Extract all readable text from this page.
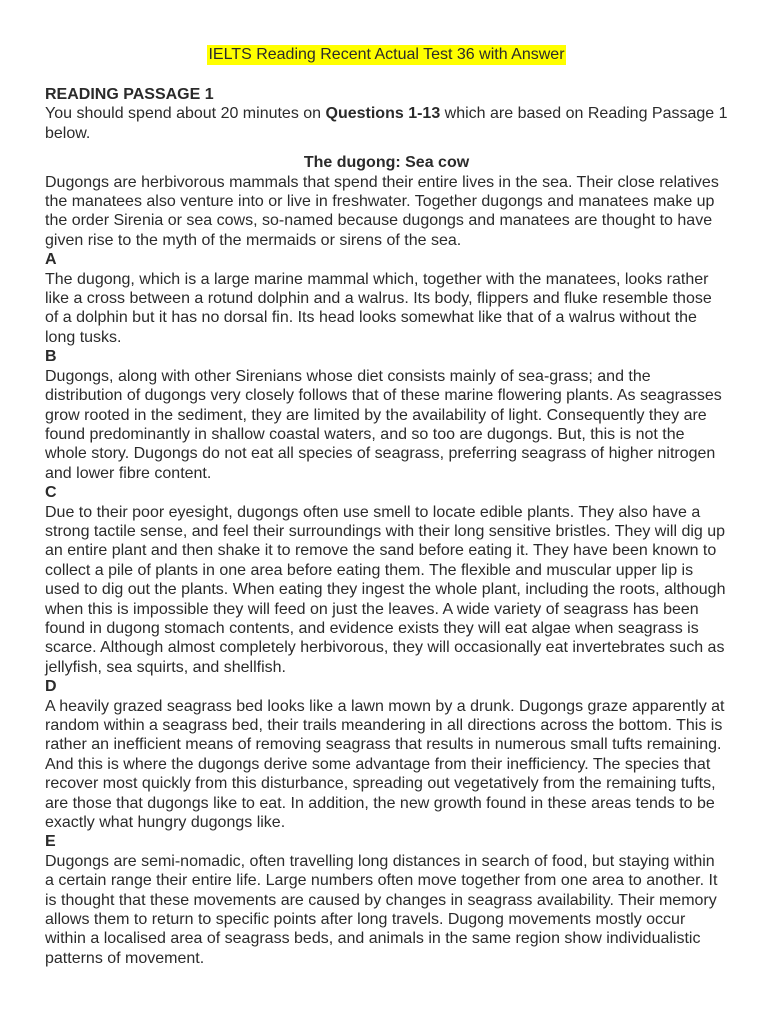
IELTS Reading Recent Actual Test 36 with Answer

READING PASSAGE 1

You should spend about 20 minutes on Questions 1-13 which are based on Reading Passage 1 below.

The dugong: Sea cow

Dugongs are herbivorous mammals that spend their entire lives in the sea. Their close relatives the manatees also venture into or live in freshwater. Together dugongs and manatees make up the order Sirenia or sea cows, so-named because dugongs and manatees are thought to have given rise to the myth of the mermaids or sirens of the sea.

A

The dugong, which is a large marine mammal which, together with the manatees, looks rather like a cross between a rotund dolphin and a walrus. Its body, flippers and fluke resemble those of a dolphin but it has no dorsal fin. Its head looks somewhat like that of a walrus without the long tusks.

B

Dugongs, along with other Sirenians whose diet consists mainly of sea-grass; and the distribution of dugongs very closely follows that of these marine flowering plants. As seagrasses grow rooted in the sediment, they are limited by the availability of light. Consequently they are found predominantly in shallow coastal waters, and so too are dugongs. But, this is not the whole story. Dugongs do not eat all species of seagrass, preferring seagrass of higher nitrogen and lower fibre content.

C

Due to their poor eyesight, dugongs often use smell to locate edible plants. They also have a strong tactile sense, and feel their surroundings with their long sensitive bristles. They will dig up an entire plant and then shake it to remove the sand before eating it. They have been known to collect a pile of plants in one area before eating them. The flexible and muscular upper lip is used to dig out the plants. When eating they ingest the whole plant, including the roots, although when this is impossible they will feed on just the leaves. A wide variety of seagrass has been found in dugong stomach contents, and evidence exists they will eat algae when seagrass is scarce. Although almost completely herbivorous, they will occasionally eat invertebrates such as jellyfish, sea squirts, and shellfish.

D

A heavily grazed seagrass bed looks like a lawn mown by a drunk. Dugongs graze apparently at random within a seagrass bed, their trails meandering in all directions across the bottom. This is rather an inefficient means of removing seagrass that results in numerous small tufts remaining. And this is where the dugongs derive some advantage from their inefficiency. The species that recover most quickly from this disturbance, spreading out vegetatively from the remaining tufts, are those that dugongs like to eat. In addition, the new growth found in these areas tends to be exactly what hungry dugongs like.

E

Dugongs are semi-nomadic, often travelling long distances in search of food, but staying within a certain range their entire life. Large numbers often move together from one area to another. It is thought that these movements are caused by changes in seagrass availability. Their memory allows them to return to specific points after long travels. Dugong movements mostly occur within a localised area of seagrass beds, and animals in the same region show individualistic patterns of movement.
